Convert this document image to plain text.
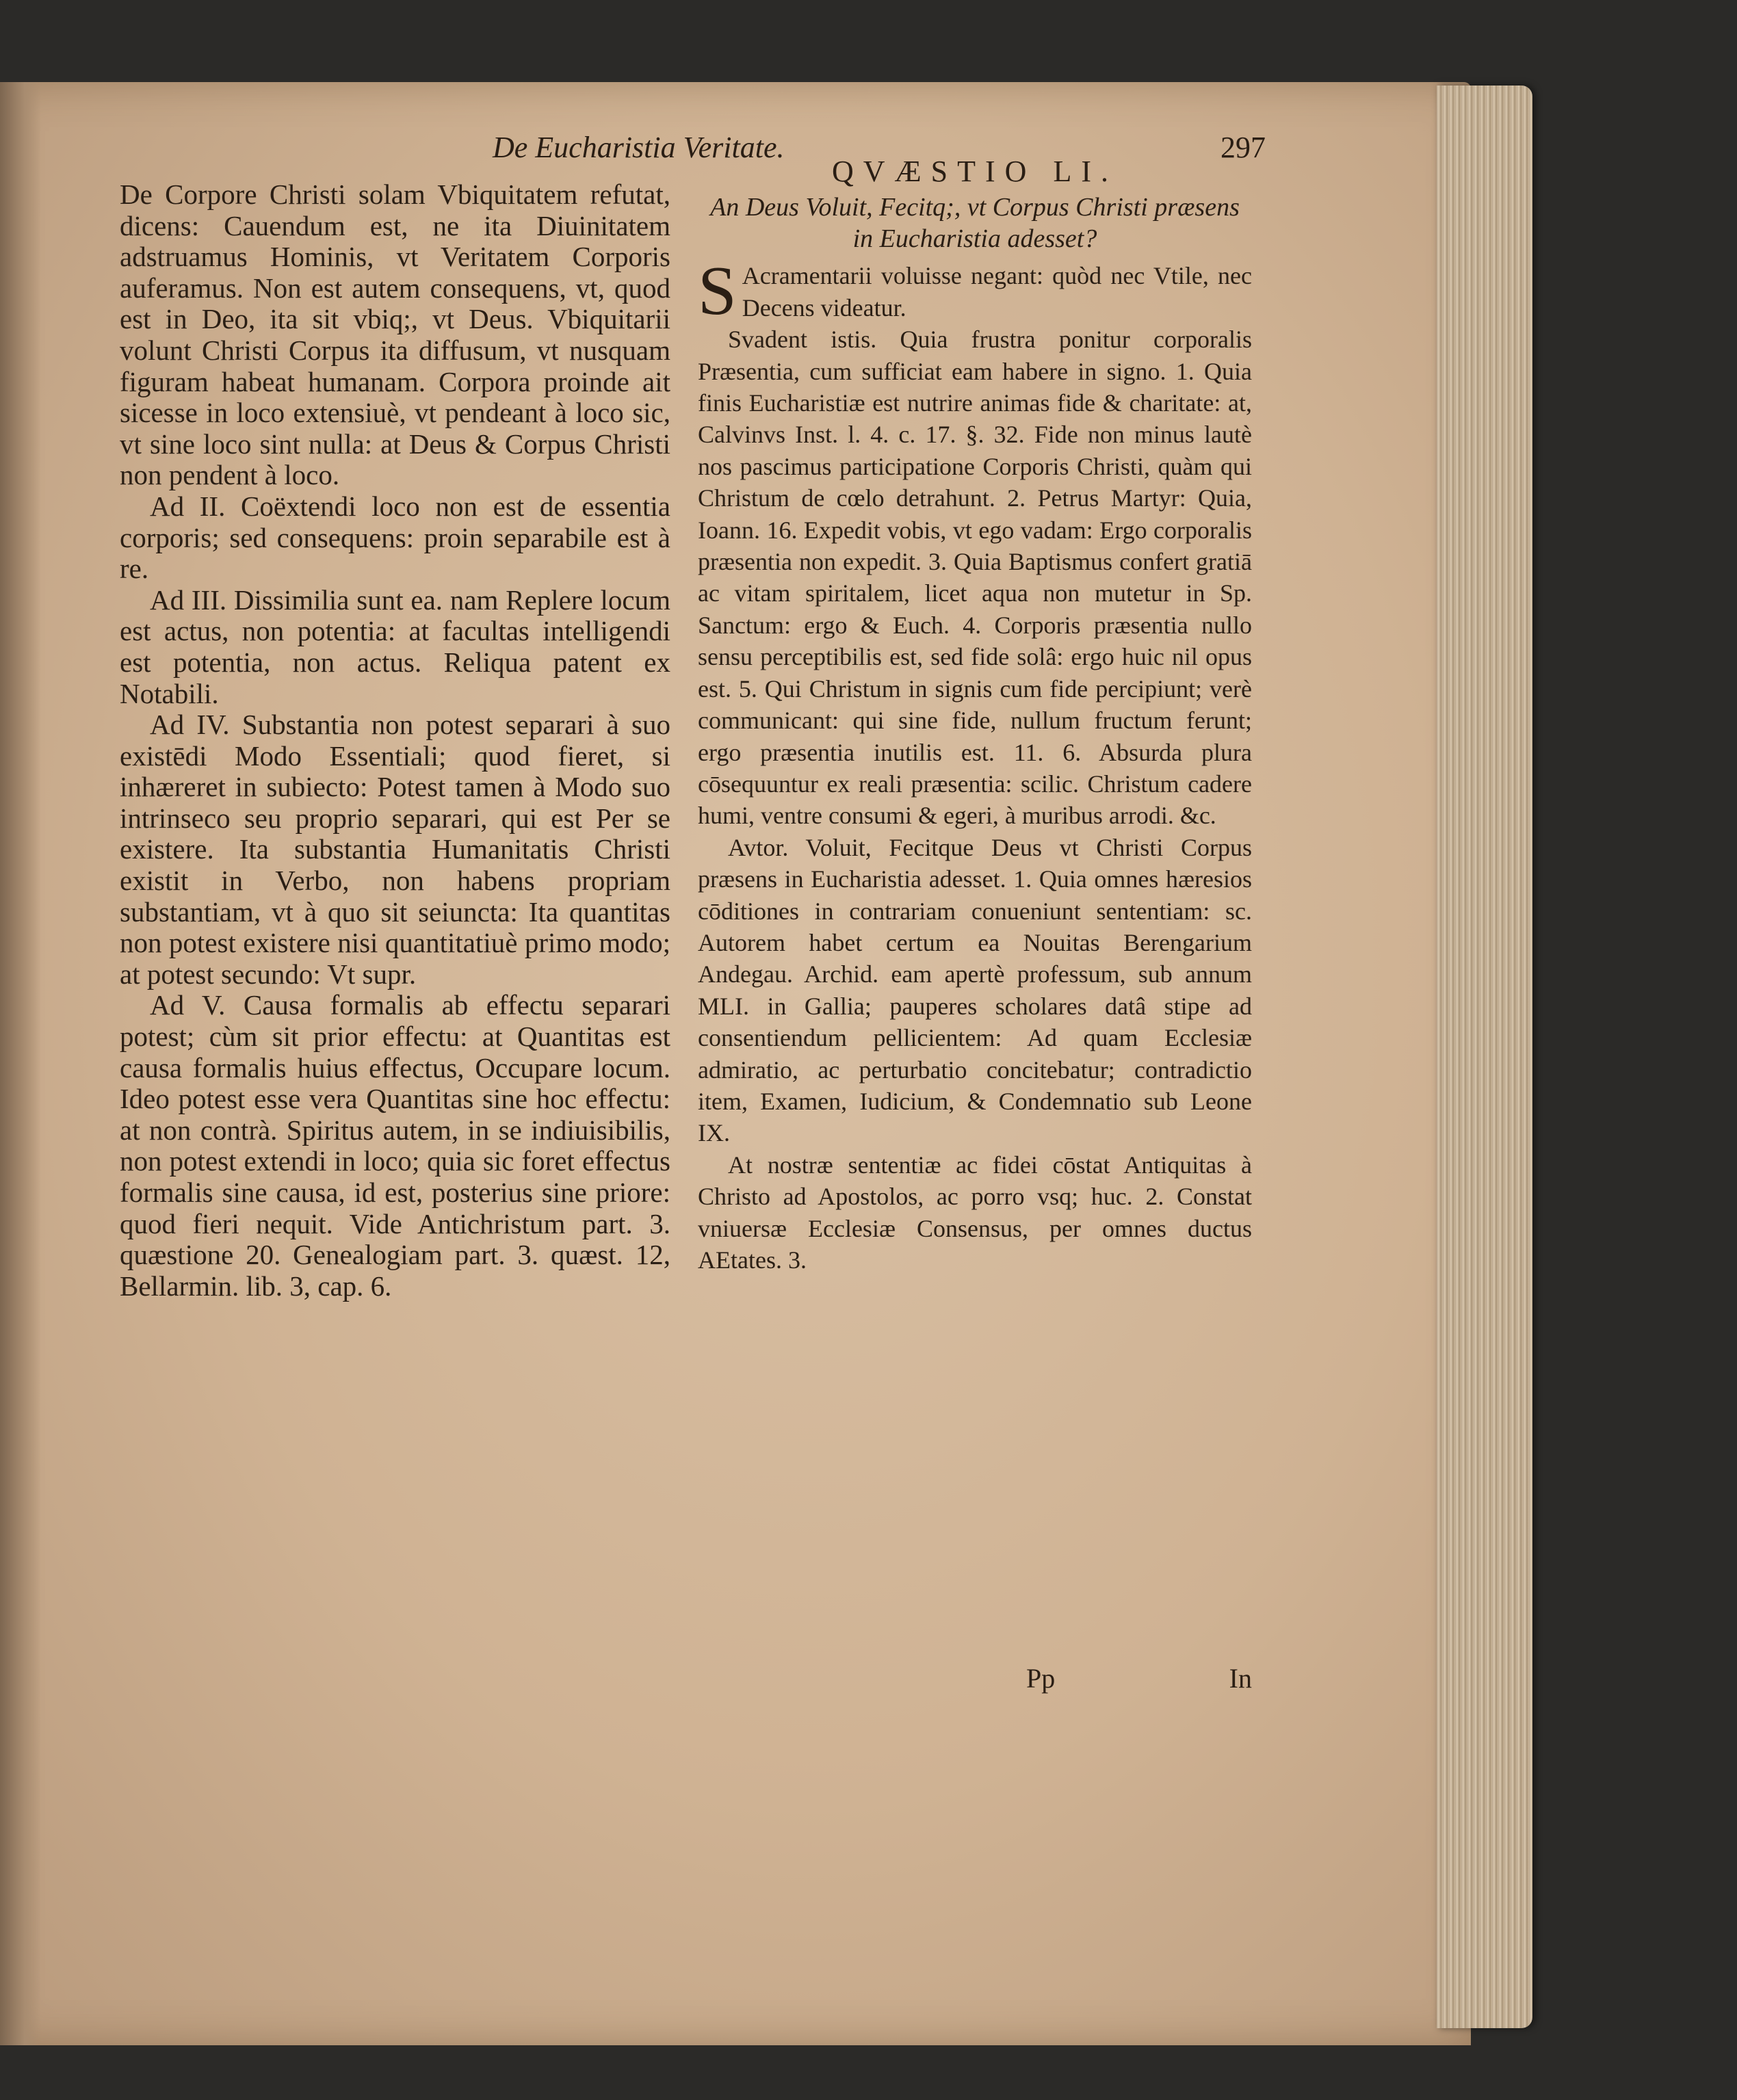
De Eucharistia Veritate.	297

De Corpore Christi solam Vbiquitatem refutat, dicens: Cauendum est, ne ita Diuinitatem adstruamus Hominis, vt Veritatem Corporis auferamus. Non est autem consequens, vt, quod est in Deo, ita sit vbiq;, vt Deus. Vbiquitarii volunt Christi Corpus ita diffusum, vt nusquam figuram habeat humanam. Corpora proinde ait sicesse in loco extensiuè, vt pendeant à loco sic, vt sine loco sint nulla: at Deus & Corpus Christi non pendent à loco.

Ad II. Coëxtendi loco non est de essentia corporis; sed consequens: proin separabile est à re.

Ad III. Dissimilia sunt ea. nam Replere locum est actus, non potentia: at facultas intelligendi est potentia, non actus. Reliqua patent ex Notabili.

Ad IV. Substantia non potest separari à suo existēdi Modo Essentiali; quod fieret, si inhæreret in subiecto: Potest tamen à Modo suo intrinseco seu proprio separari, qui est Per se existere. Ita substantia Humanitatis Christi existit in Verbo, non habens propriam substantiam, vt à quo sit seiuncta: Ita quantitas non potest existere nisi quantitatiuè primo modo; at potest secundo: Vt supr.

Ad V. Causa formalis ab effectu separari potest; cùm sit prior effectu: at Quantitas est causa formalis huius effectus, Occupare locum. Ideo potest esse vera Quantitas sine hoc effectu: at non contrà. Spiritus autem, in se indiuisibilis, non potest extendi in loco; quia sic foret effectus formalis sine causa, id est, posterius sine priore: quod fieri nequit. Vide Antichristum part. 3. quæstione 20. Genealogiam part. 3. quæst. 12, Bellarmin. lib. 3, cap. 6.

QVÆSTIO LI.

An Deus Voluit, Fecitq;, vt Corpus Christi præsens in Eucharistia adesset?

S Acramentarii voluisse negant: quòd nec Vtile, nec Decens videatur.

Svadent istis. Quia frustra ponitur corporalis Præsentia, cum sufficiat eam habere in signo. 1. Quia finis Eucharistiæ est nutrire animas fide & charitate: at, Calvinvs Inst. l. 4. c. 17. §. 32. Fide non minus lautè nos pascimus participatione Corporis Christi, quàm qui Christum de cœlo detrahunt. 2. Petrus Martyr: Quia, Ioann. 16. Expedit vobis, vt ego vadam: Ergo corporalis præsentia non expedit. 3. Quia Baptismus confert gratiā ac vitam spiritalem, licet aqua non mutetur in Sp. Sanctum: ergo & Euch. 4. Corporis præsentia nullo sensu perceptibilis est, sed fide solâ: ergo huic nil opus est. 5. Qui Christum in signis cum fide percipiunt; verè communicant: qui sine fide, nullum fructum ferunt; ergo præsentia inutilis est. 11. 6. Absurda plura cōsequuntur ex reali præsentia: scilic. Christum cadere humi, ventre consumi & egeri, à muribus arrodi. &c.

Avtor. Voluit, Fecitque Deus vt Christi Corpus præsens in Eucharistia adesset. 1. Quia omnes hæresios cōditiones in contrariam conueniunt sententiam: sc. Autorem habet certum ea Nouitas Berengarium Andegau. Archid. eam apertè professum, sub annum MLI. in Gallia; pauperes scholares datâ stipe ad consentiendum pellicientem: Ad quam Ecclesiæ admiratio, ac perturbatio concitebatur; contradictio item, Examen, Iudicium, & Condemnatio sub Leone IX.

At nostræ sententiæ ac fidei cōstat Antiquitas à Christo ad Apostolos, ac porro vsq; huc. 2. Constat vniuersæ Ecclesiæ Consensus, per omnes ductus AEtates. 3.

Pp	In
